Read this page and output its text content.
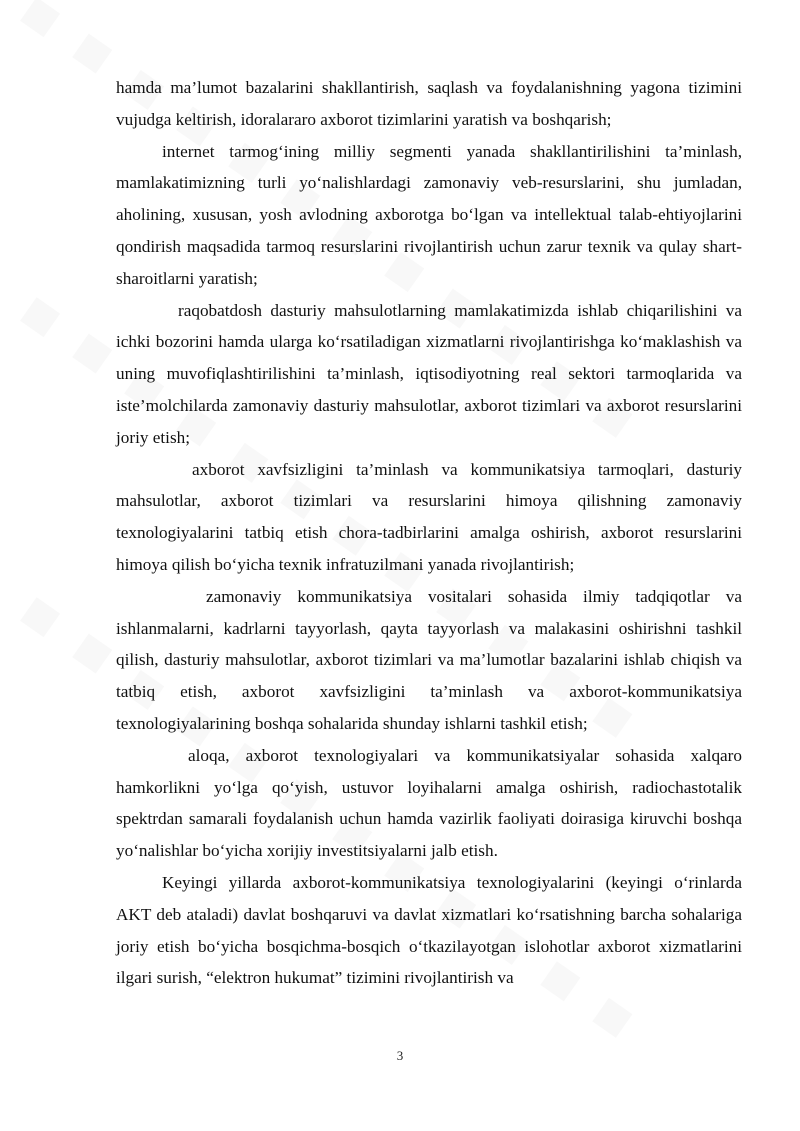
hamda ma’lumot bazalarini shakllantirish, saqlash va foydalanishning yagona tizimini vujudga keltirish, idoralararo axborot tizimlarini yaratish va boshqarish;

internet tarmog‘ining milliy segmenti yanada shakllantirilishini ta’minlash, mamlakatimizning turli yo‘nalishlardagi zamonaviy veb-resurslarini, shu jumladan, aholining, xususan, yosh avlodning axborotga bo‘lgan va intellektual talab-ehtiyojlarini qondirish maqsadida tarmoq resurslarini rivojlantirish uchun zarur texnik va qulay shart-sharoitlarni yaratish;

raqobatdosh dasturiy mahsulotlarning mamlakatimizda ishlab chiqarilishini va ichki bozorini hamda ularga ko‘rsatiladigan xizmatlarni rivojlantirishga ko‘maklashish va uning muvofiqlashtirilishini ta’minlash, iqtisodiyotning real sektori tarmoqlarida va iste’molchilarda zamonaviy dasturiy mahsulotlar, axborot tizimlari va axborot resurslarini joriy etish;

axborot xavfsizligini ta’minlash va kommunikatsiya tarmoqlari, dasturiy mahsulotlar, axborot tizimlari va resurslarini himoya qilishning zamonaviy texnologiyalarini tatbiq etish chora-tadbirlarini amalga oshirish, axborot resurslarini himoya qilish bo‘yicha texnik infratuzilmani yanada rivojlantirish;

zamonaviy kommunikatsiya vositalari sohasida ilmiy tadqiqotlar va ishlanmalarni, kadrlarni tayyorlash, qayta tayyorlash va malakasini oshirishni tashkil qilish, dasturiy mahsulotlar, axborot tizimlari va ma’lumotlar bazalarini ishlab chiqish va tatbiq etish, axborot xavfsizligini ta’minlash va axborot-kommunikatsiya texnologiyalarining boshqa sohalarida shunday ishlarni tashkil etish;

aloqa, axborot texnologiyalari va kommunikatsiyalar sohasida xalqaro hamkorlikni yo‘lga qo‘yish, ustuvor loyihalarni amalga oshirish, radiochastotalik spektrdan samarali foydalanish uchun hamda vazirlik faoliyati doirasiga kiruvchi boshqa yo‘nalishlar bo‘yicha xorijiy investitsiyalarni jalb etish.

Keyingi yillarda axborot-kommunikatsiya texnologiyalarini (keyingi o‘rinlarda AKT deb ataladi) davlat boshqaruvi va davlat xizmatlari ko‘rsatishning barcha sohalariga joriy etish bo‘yicha bosqichma-bosqich o‘tkazilayotgan islohotlar axborot xizmatlarini ilgari surish, “elektron hukumat” tizimini rivojlantirish va

3
